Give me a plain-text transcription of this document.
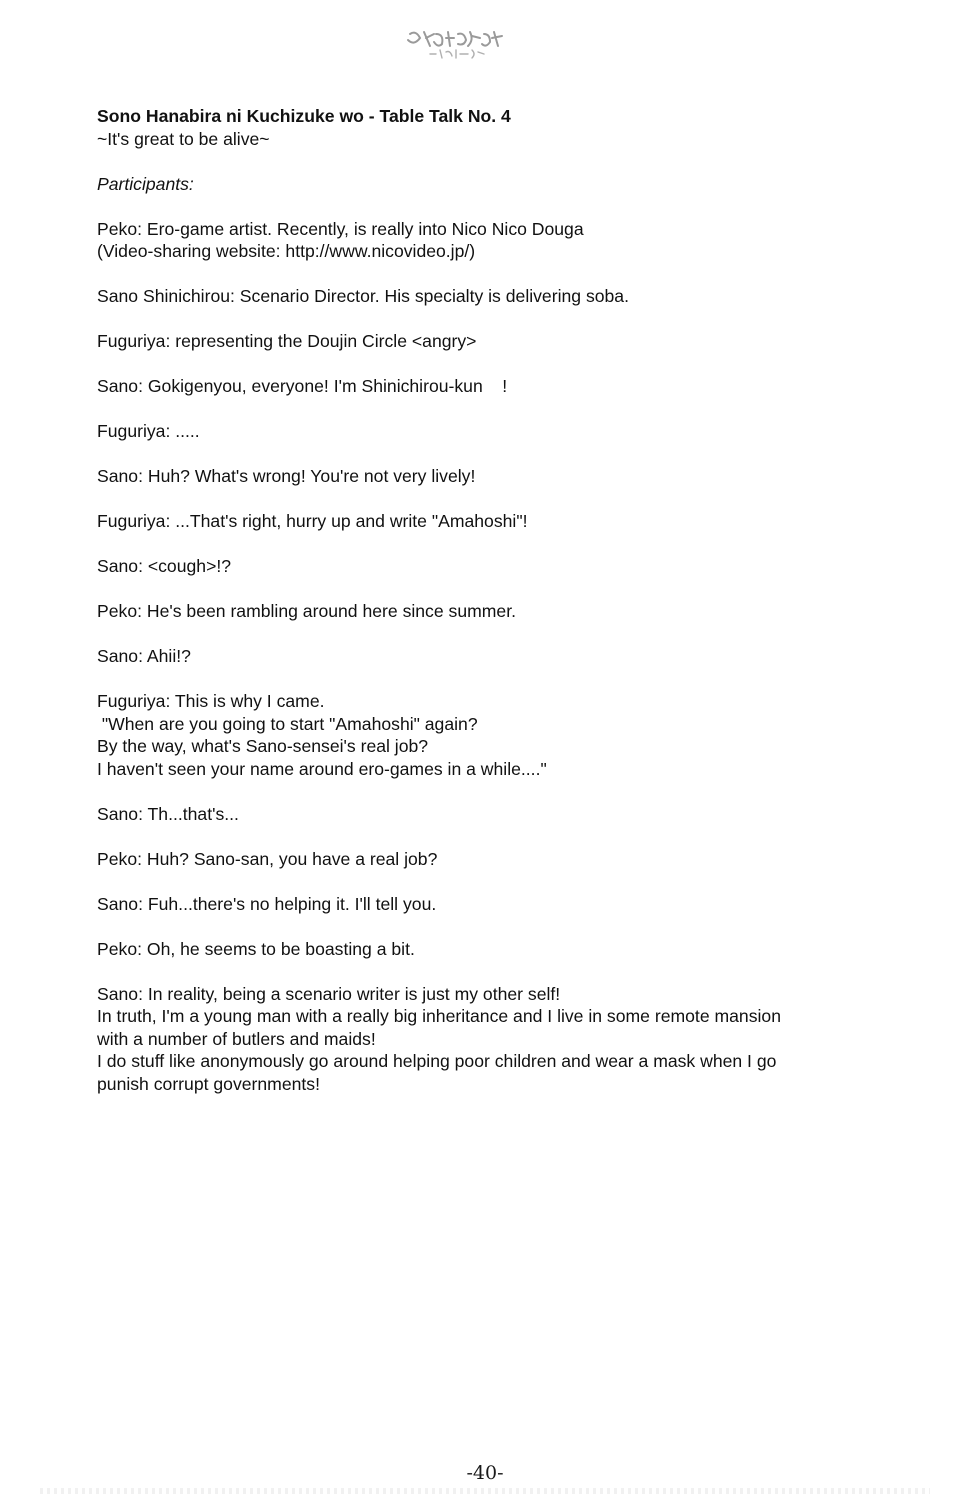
Sono Hanabira ni Kuchizuke wo - Table Talk No. 4
~It's great to be alive~
Participants:
Peko: Ero-game artist. Recently, is really into Nico Nico Douga
(Video-sharing website: http://www.nicovideo.jp/)
Sano Shinichirou: Scenario Director. His specialty is delivering soba.
Fuguriya: representing the Doujin Circle <angry>
Sano: Gokigenyou, everyone! I'm Shinichirou-kun    !
Fuguriya: .....
Sano: Huh? What's wrong! You're not very lively!
Fuguriya: ...That's right, hurry up and write "Amahoshi"!
Sano: <cough>!?
Peko: He's been rambling around here since summer.
Sano: Ahii!?
Fuguriya: This is why I came.
"When are you going to start "Amahoshi" again?
By the way, what's Sano-sensei's real job?
I haven't seen your name around ero-games in a while...."
Sano: Th...that's...
Peko: Huh? Sano-san, you have a real job?
Sano: Fuh...there's no helping it. I'll tell you.
Peko: Oh, he seems to be boasting a bit.
Sano: In reality, being a scenario writer is just my other self!
In truth, I'm a young man with a really big inheritance and I live in some remote mansion
with a number of butlers and maids!
I do stuff like anonymously go around helping poor children and wear a mask when I go
punish corrupt governments!
-40-
